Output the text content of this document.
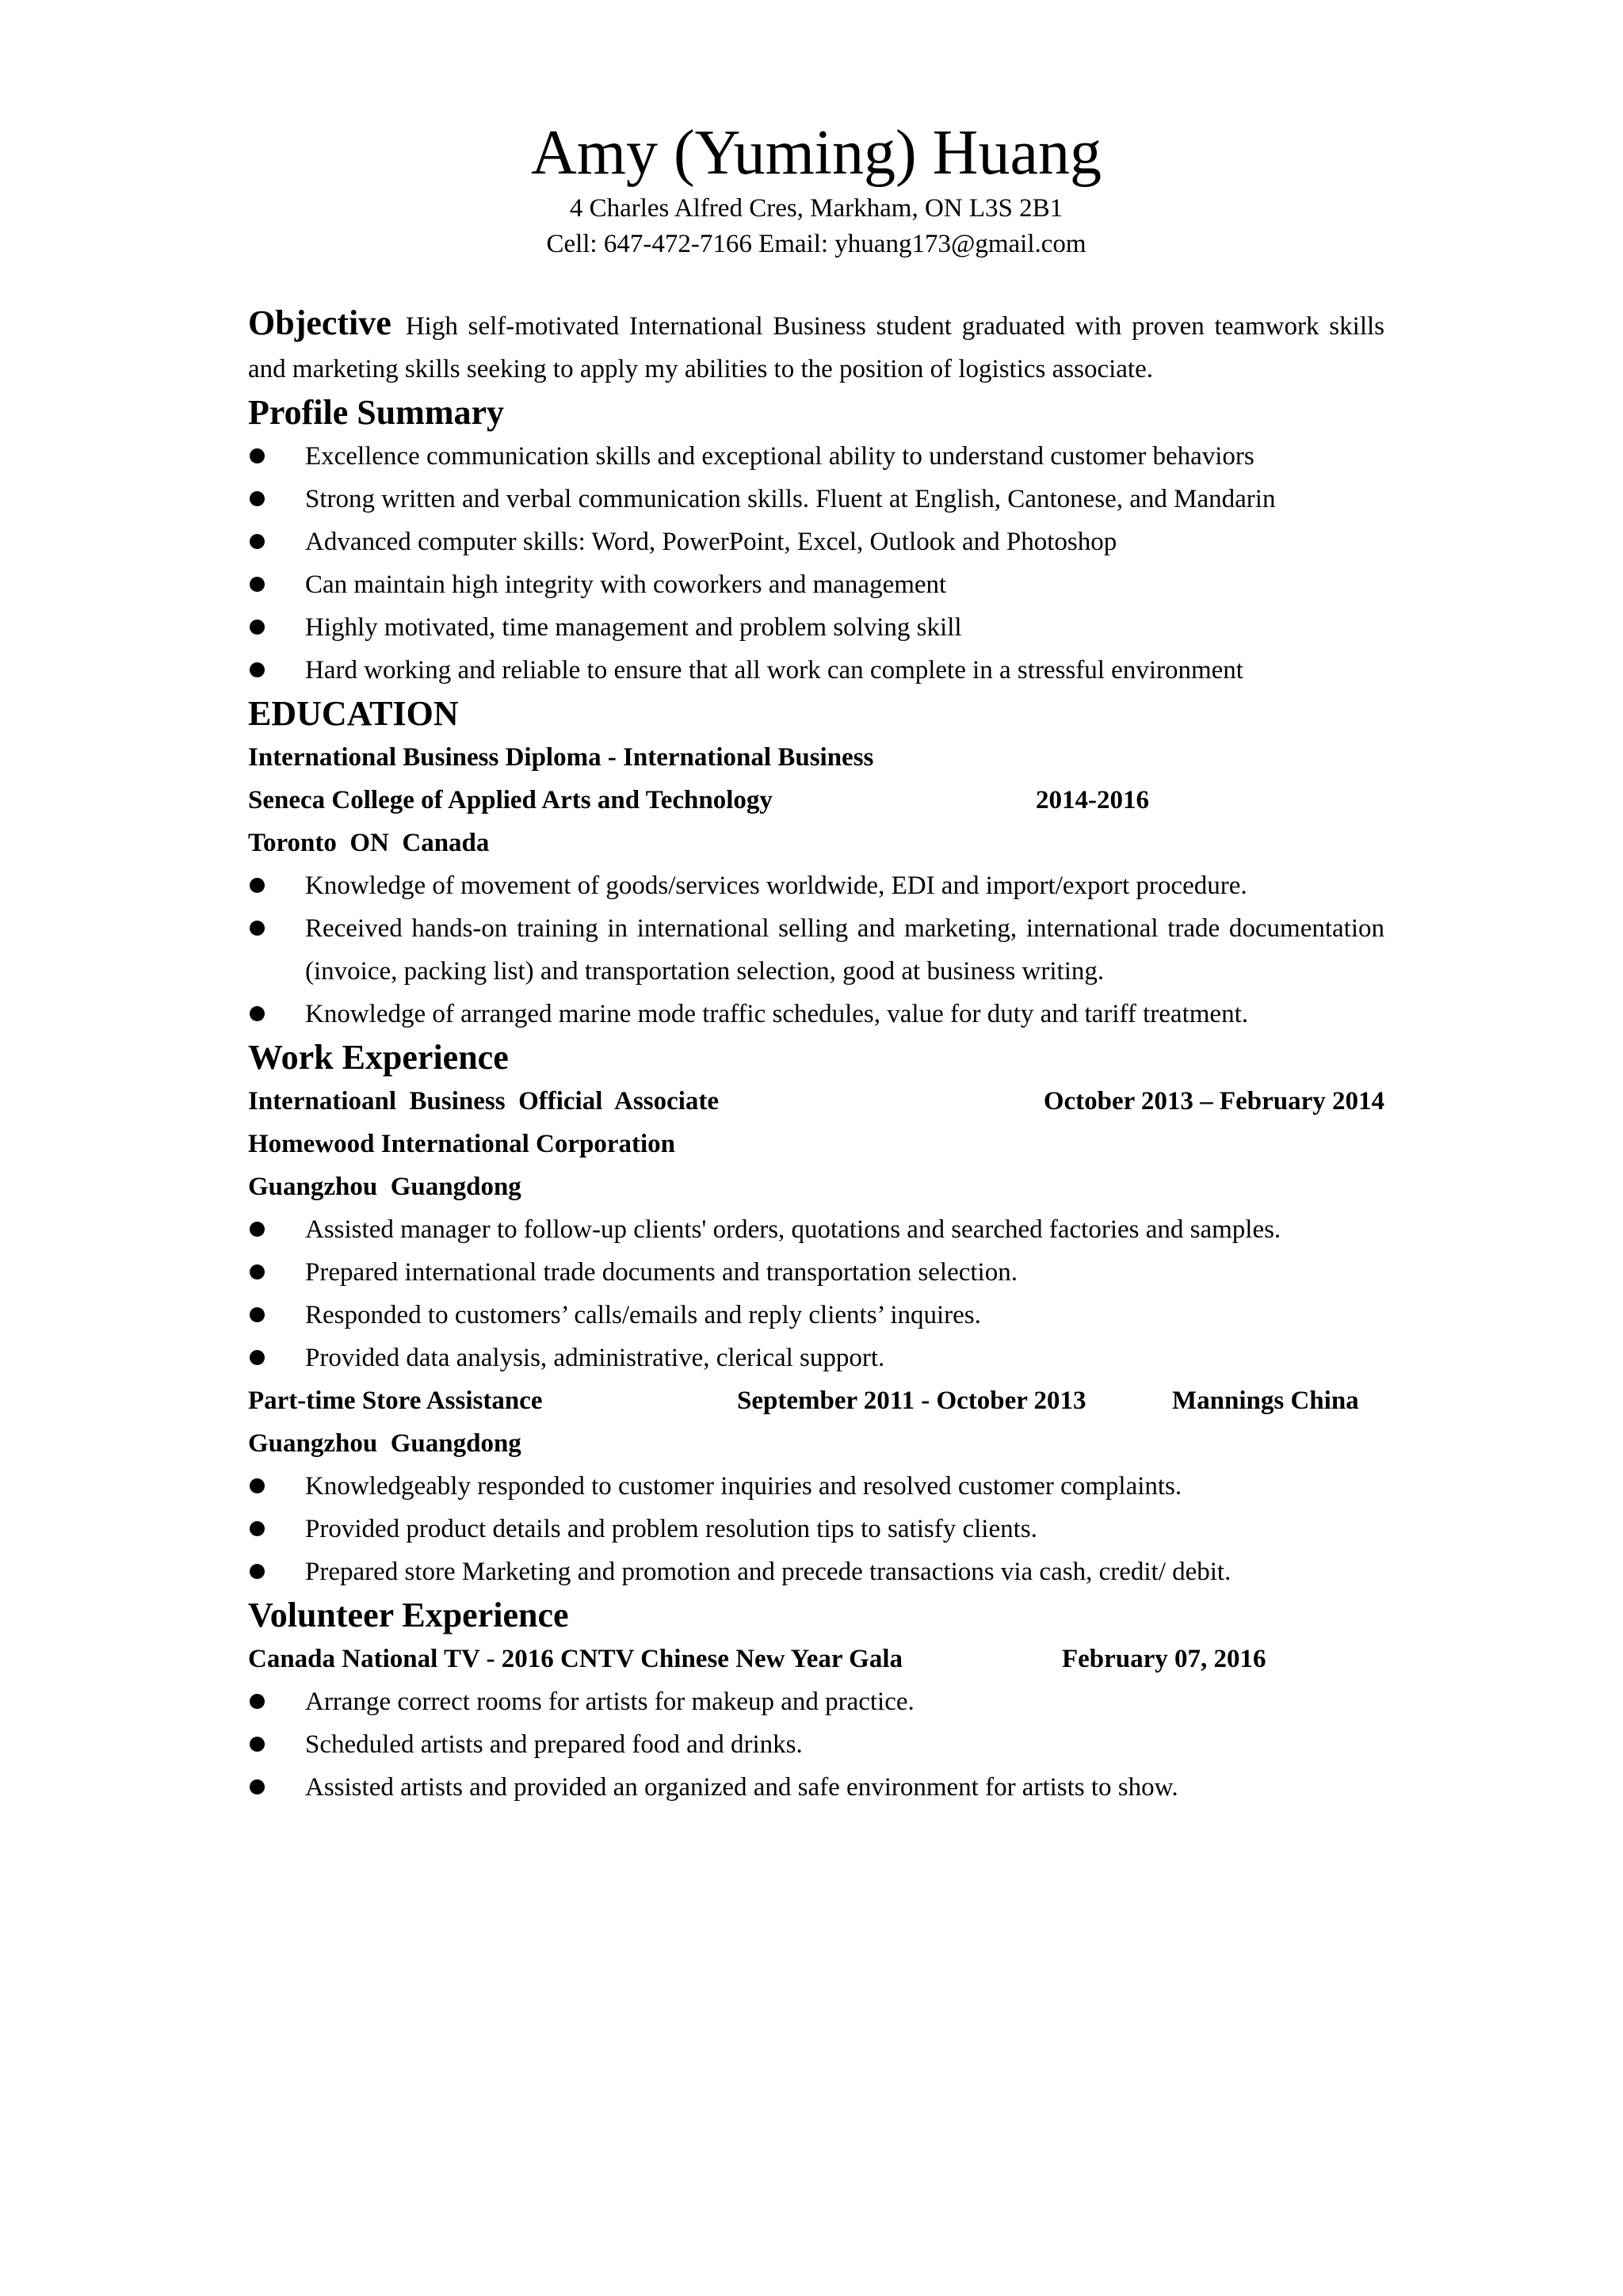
Amy (Yuming) Huang

4 Charles Alfred Cres, Markham, ON L3S 2B1

Cell: 647-472-7166 Email: yhuang173@gmail.com

Objective High self-motivated International Business student graduated with proven teamwork skills and marketing skills seeking to apply my abilities to the position of logistics associate.
Profile Summary
Excellence communication skills and exceptional ability to understand customer behaviors
Strong written and verbal communication skills. Fluent at English, Cantonese, and Mandarin
Advanced computer skills: Word, PowerPoint, Excel, Outlook and Photoshop
Can maintain high integrity with coworkers and management
Highly motivated, time management and problem solving skill
Hard working and reliable to ensure that all work can complete in a stressful environment
EDUCATION

International Business Diploma - International Business

Seneca College of Applied Arts and Technology	2014-2016

Toronto  ON  Canada

Knowledge of movement of goods/services worldwide, EDI and import/export procedure.
Received hands-on training in international selling and marketing, international trade documentation (invoice, packing list) and transportation selection, good at business writing.
Knowledge of arranged marine mode traffic schedules, value for duty and tariff treatment.
Work Experience

Internatioanl  Business  Official  Associate	October 2013 – February 2014

Homewood International Corporation

Guangzhou  Guangdong

Assisted manager to follow-up clients' orders, quotations and searched factories and samples.
Prepared international trade documents and transportation selection.
Responded to customers’ calls/emails and reply clients’ inquires.
Provided data analysis, administrative, clerical support.

Part-time Store Assistance	September 2011 - October 2013	Mannings China

Guangzhou  Guangdong

Knowledgeably responded to customer inquiries and resolved customer complaints.
Provided product details and problem resolution tips to satisfy clients.
Prepared store Marketing and promotion and precede transactions via cash, credit/ debit.
Volunteer Experience

Canada National TV - 2016 CNTV Chinese New Year Gala	February 07, 2016

Arrange correct rooms for artists for makeup and practice.
Scheduled artists and prepared food and drinks.
Assisted artists and provided an organized and safe environment for artists to show.
